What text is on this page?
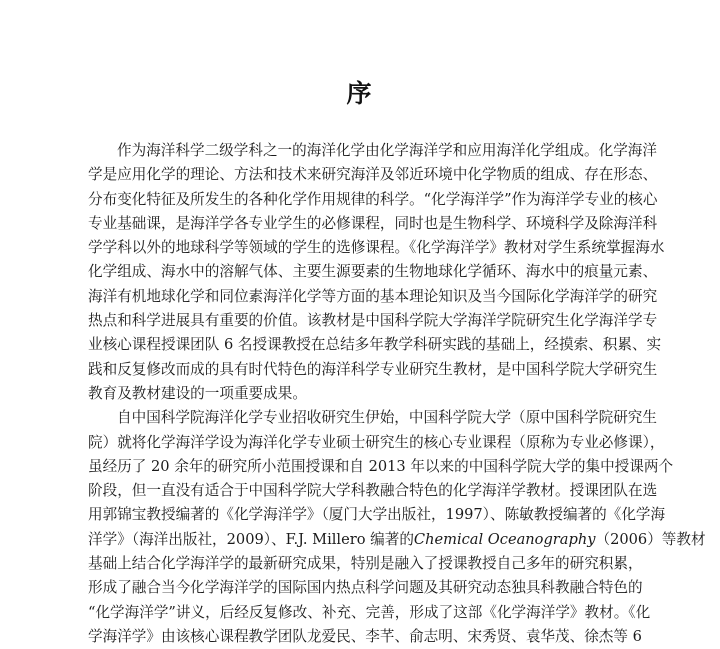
序
作为海洋科学二级学科之一的海洋化学由化学海洋学和应用海洋化学组成。化学海洋
学是应用化学的理论、方法和技术来研究海洋及邻近环境中化学物质的组成、存在形态、
分布变化特征及所发生的各种化学作用规律的科学。“化学海洋学”作为海洋学专业的核心
专业基础课，是海洋学各专业学生的必修课程，同时也是生物科学、环境科学及除海洋科
学学科以外的地球科学等领域的学生的选修课程。《化学海洋学》教材对学生系统掌握海水
化学组成、海水中的溶解气体、主要生源要素的生物地球化学循环、海水中的痕量元素、
海洋有机地球化学和同位素海洋化学等方面的基本理论知识及当今国际化学海洋学的研究
热点和科学进展具有重要的价值。该教材是中国科学院大学海洋学院研究生化学海洋学专
业核心课程授课团队 6 名授课教授在总结多年教学科研实践的基础上，经摸索、积累、实
践和反复修改而成的具有时代特色的海洋科学专业研究生教材，是中国科学院大学研究生
教育及教材建设的一项重要成果。
自中国科学院海洋化学专业招收研究生伊始，中国科学院大学（原中国科学院研究生
院）就将化学海洋学设为海洋化学专业硕士研究生的核心专业课程（原称为专业必修课），
虽经历了 20 余年的研究所小范围授课和自 2013 年以来的中国科学院大学的集中授课两个
阶段，但一直没有适合于中国科学院大学科教融合特色的化学海洋学教材。授课团队在选
用郭锦宝教授编著的《化学海洋学》（厦门大学出版社，1997）、陈敏教授编著的《化学海
洋学》（海洋出版社，2009）、F.J. Millero 编著的 Chemical Oceanography （2006）等教材
基础上结合化学海洋学的最新研究成果，特别是融入了授课教授自己多年的研究积累，
形成了融合当今化学海洋学的国际国内热点科学问题及其研究动态独具科教融合特色的
“化学海洋学”讲义，后经反复修改、补充、完善，形成了这部《化学海洋学》教材。《化
学海洋学》由该核心课程教学团队龙爱民、李芊、俞志明、宋秀贤、袁华茂、徐杰等 6
